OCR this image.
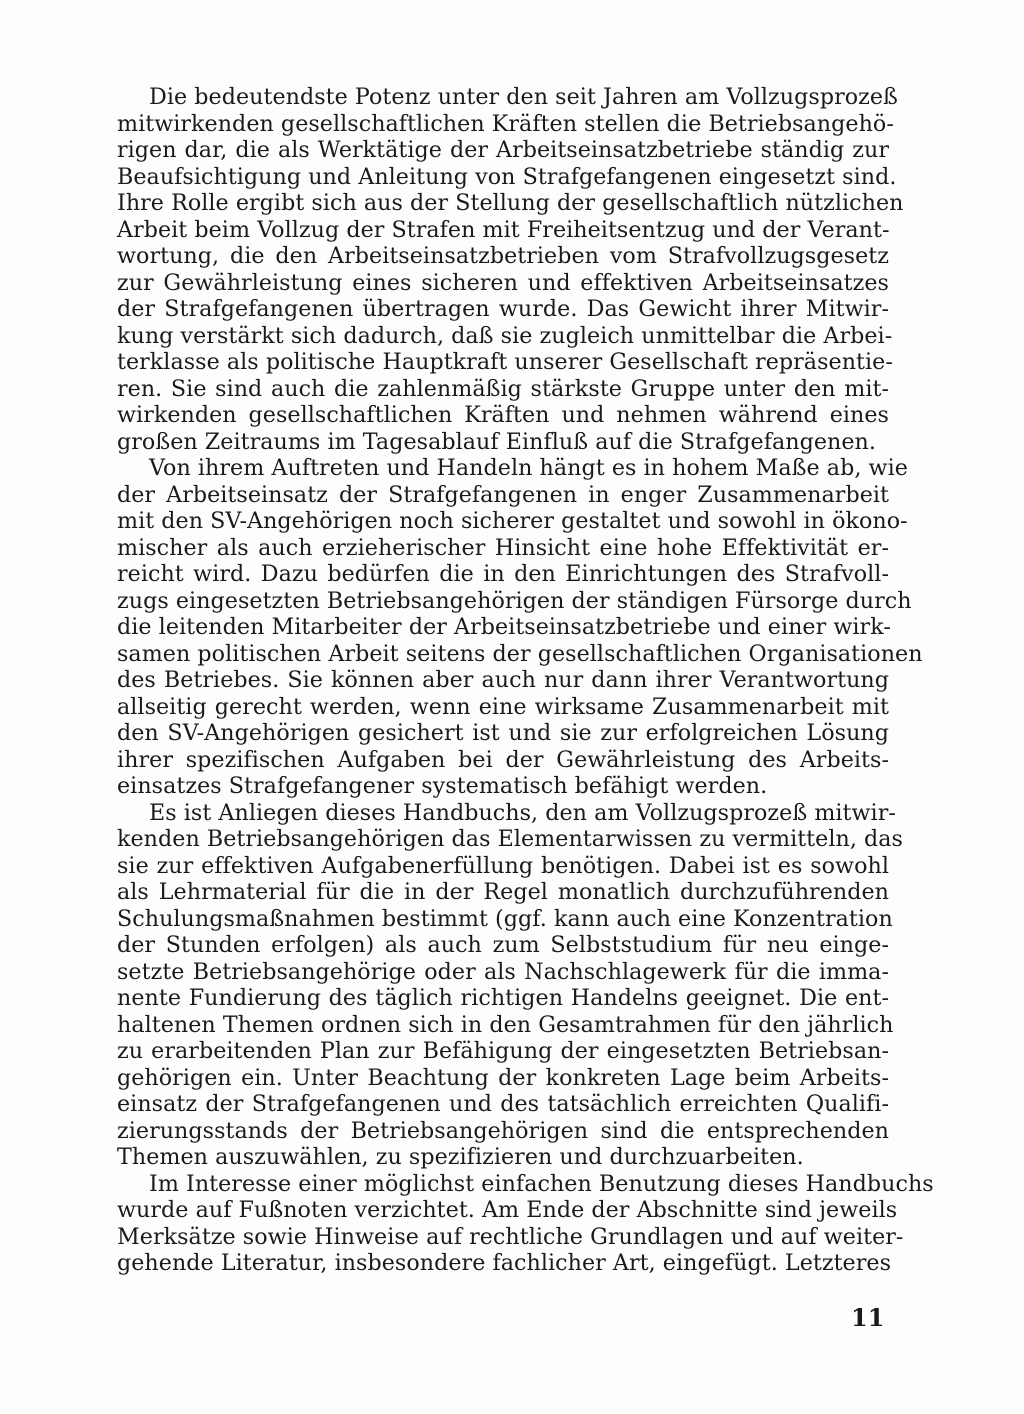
Die bedeutendste Potenz unter den seit Jahren am Vollzugsprozeß
mitwirkenden gesellschaftlichen Kräften stellen die Betriebsangehö-
rigen dar, die als Werktätige der Arbeitseinsatzbetriebe ständig zur
Beaufsichtigung und Anleitung von Strafgefangenen eingesetzt sind.
Ihre Rolle ergibt sich aus der Stellung der gesellschaftlich nützlichen
Arbeit beim Vollzug der Strafen mit Freiheitsentzug und der Verant-
wortung, die den Arbeitseinsatzbetrieben vom Strafvollzugsgesetz
zur Gewährleistung eines sicheren und effektiven Arbeitseinsatzes
der Strafgefangenen übertragen wurde. Das Gewicht ihrer Mitwir-
kung verstärkt sich dadurch, daß sie zugleich unmittelbar die Arbei-
terklasse als politische Hauptkraft unserer Gesellschaft repräsentie-
ren. Sie sind auch die zahlenmäßig stärkste Gruppe unter den mit-
wirkenden gesellschaftlichen Kräften und nehmen während eines
großen Zeitraums im Tagesablauf Einfluß auf die Strafgefangenen.
Von ihrem Auftreten und Handeln hängt es in hohem Maße ab, wie
der Arbeitseinsatz der Strafgefangenen in enger Zusammenarbeit
mit den SV-Angehörigen noch sicherer gestaltet und sowohl in ökono-
mischer als auch erzieherischer Hinsicht eine hohe Effektivität er-
reicht wird. Dazu bedürfen die in den Einrichtungen des Strafvoll-
zugs eingesetzten Betriebsangehörigen der ständigen Fürsorge durch
die leitenden Mitarbeiter der Arbeitseinsatzbetriebe und einer wirk-
samen politischen Arbeit seitens der gesellschaftlichen Organisationen
des Betriebes. Sie können aber auch nur dann ihrer Verantwortung
allseitig gerecht werden, wenn eine wirksame Zusammenarbeit mit
den SV-Angehörigen gesichert ist und sie zur erfolgreichen Lösung
ihrer spezifischen Aufgaben bei der Gewährleistung des Arbeits-
einsatzes Strafgefangener systematisch befähigt werden.
Es ist Anliegen dieses Handbuchs, den am Vollzugsprozeß mitwir-
kenden Betriebsangehörigen das Elementarwissen zu vermitteln, das
sie zur effektiven Aufgabenerfüllung benötigen. Dabei ist es sowohl
als Lehrmaterial für die in der Regel monatlich durchzuführenden
Schulungsmaßnahmen bestimmt (ggf. kann auch eine Konzentration
der Stunden erfolgen) als auch zum Selbststudium für neu einge-
setzte Betriebsangehörige oder als Nachschlagewerk für die imma-
nente Fundierung des täglich richtigen Handelns geeignet. Die ent-
haltenen Themen ordnen sich in den Gesamtrahmen für den jährlich
zu erarbeitenden Plan zur Befähigung der eingesetzten Betriebsan-
gehörigen ein. Unter Beachtung der konkreten Lage beim Arbeits-
einsatz der Strafgefangenen und des tatsächlich erreichten Qualifi-
zierungsstands der Betriebsangehörigen sind die entsprechenden
Themen auszuwählen, zu spezifizieren und durchzuarbeiten.
Im Interesse einer möglichst einfachen Benutzung dieses Handbuchs
wurde auf Fußnoten verzichtet. Am Ende der Abschnitte sind jeweils
Merksätze sowie Hinweise auf rechtliche Grundlagen und auf weiter-
gehende Literatur, insbesondere fachlicher Art, eingefügt. Letzteres
11
